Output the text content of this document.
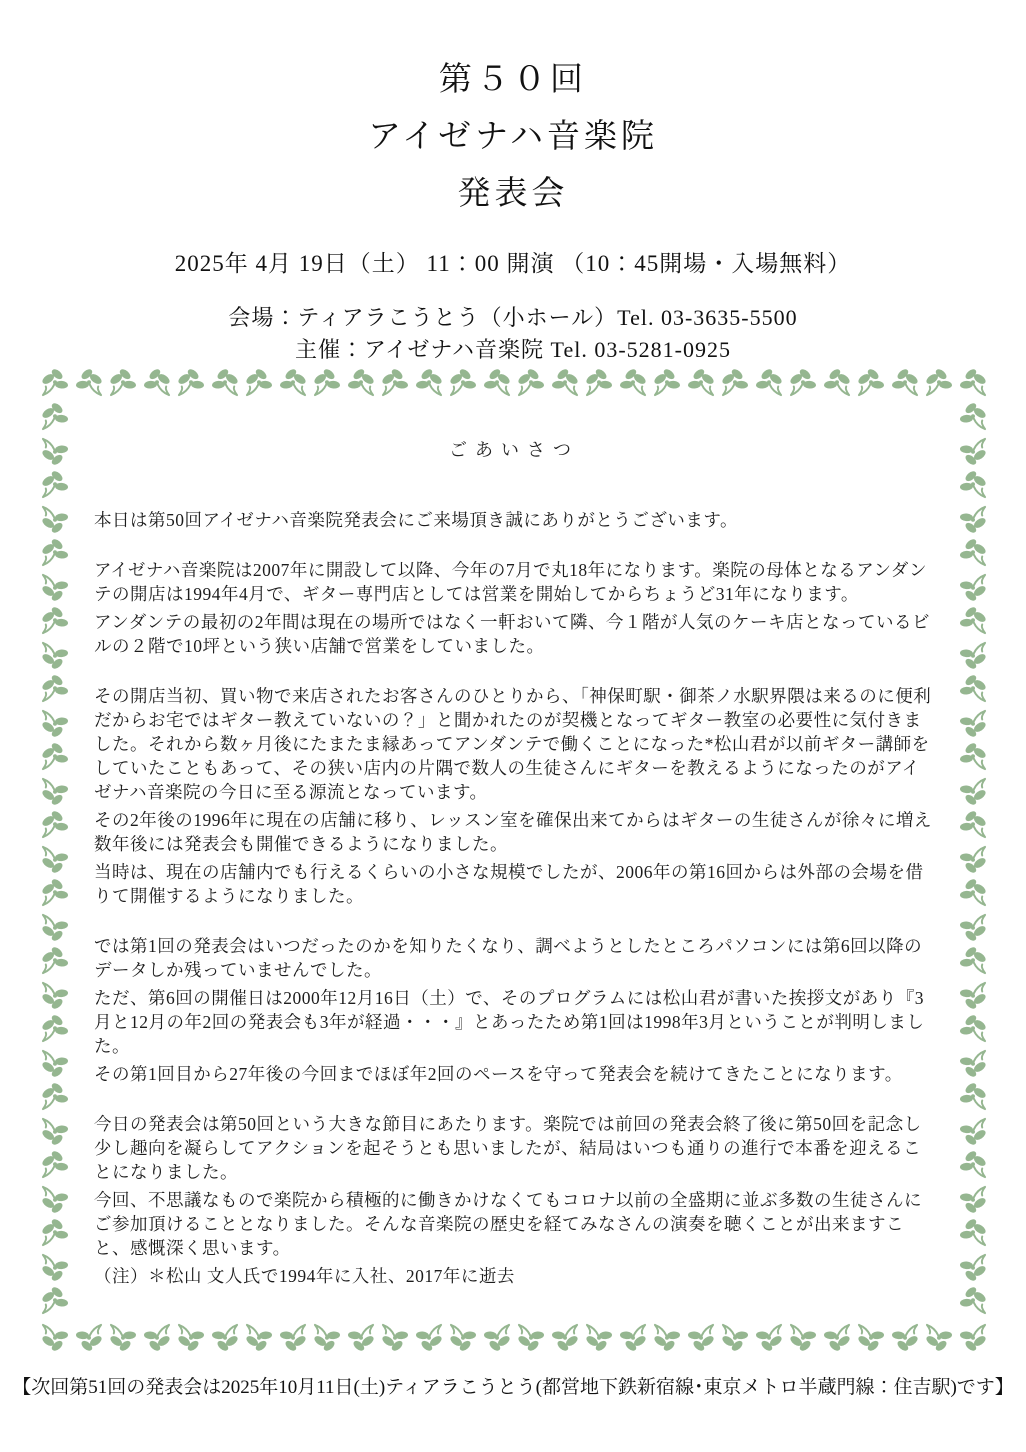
第５０回
アイゼナハ音楽院
発表会
2025年 4月 19日（土） 11：00 開演 （10：45開場・入場無料）
会場：ティアラこうとう（小ホール）Tel. 03-3635-5500
主催：アイゼナハ音楽院 Tel. 03-5281-0925
ごあいさつ

本日は第50回アイゼナハ音楽院発表会にご来場頂き誠にありがとうございます。

アイゼナハ音楽院は2007年に開設して以降、今年の7月で丸18年になります。楽院の母体となるアンダンテの開店は1994年4月で、ギター専門店としては営業を開始してからちょうど31年になります。

アンダンテの最初の2年間は現在の場所ではなく一軒おいて隣、今１階が人気のケーキ店となっているビルの２階で10坪という狭い店舗で営業をしていました。

その開店当初、買い物で来店されたお客さんのひとりから、「神保町駅・御茶ノ水駅界隈は来るのに便利だからお宅ではギター教えていないの？」と聞かれたのが契機となってギター教室の必要性に気付きました。それから数ヶ月後にたまたま縁あってアンダンテで働くことになった*松山君が以前ギター講師をしていたこともあって、その狭い店内の片隅で数人の生徒さんにギターを教えるようになったのがアイゼナハ音楽院の今日に至る源流となっています。

その2年後の1996年に現在の店舗に移り、レッスン室を確保出来てからはギターの生徒さんが徐々に増え数年後には発表会も開催できるようになりました。

当時は、現在の店舗内でも行えるくらいの小さな規模でしたが、2006年の第16回からは外部の会場を借りて開催するようになりました。

では第1回の発表会はいつだったのかを知りたくなり、調べようとしたところパソコンには第6回以降のデータしか残っていませんでした。

ただ、第6回の開催日は2000年12月16日（土）で、そのプログラムには松山君が書いた挨拶文があり『3月と12月の年2回の発表会も3年が経過・・・』とあったため第1回は1998年3月ということが判明しました。

その第1回目から27年後の今回までほぼ年2回のペースを守って発表会を続けてきたことになります。

今日の発表会は第50回という大きな節目にあたります。楽院では前回の発表会終了後に第50回を記念し少し趣向を凝らしてアクションを起そうとも思いましたが、結局はいつも通りの進行で本番を迎えることになりました。

今回、不思議なもので楽院から積極的に働きかけなくてもコロナ以前の全盛期に並ぶ多数の生徒さんにご参加頂けることとなりました。そんな音楽院の歴史を経てみなさんの演奏を聴くことが出来ますこと、感慨深く思います。

（注）＊松山 文人氏で1994年に入社、2017年に逝去

【次回第51回の発表会は2025年10月11日(土)ティアラこうとう(都営地下鉄新宿線･東京メトロ半蔵門線：住吉駅)です】
